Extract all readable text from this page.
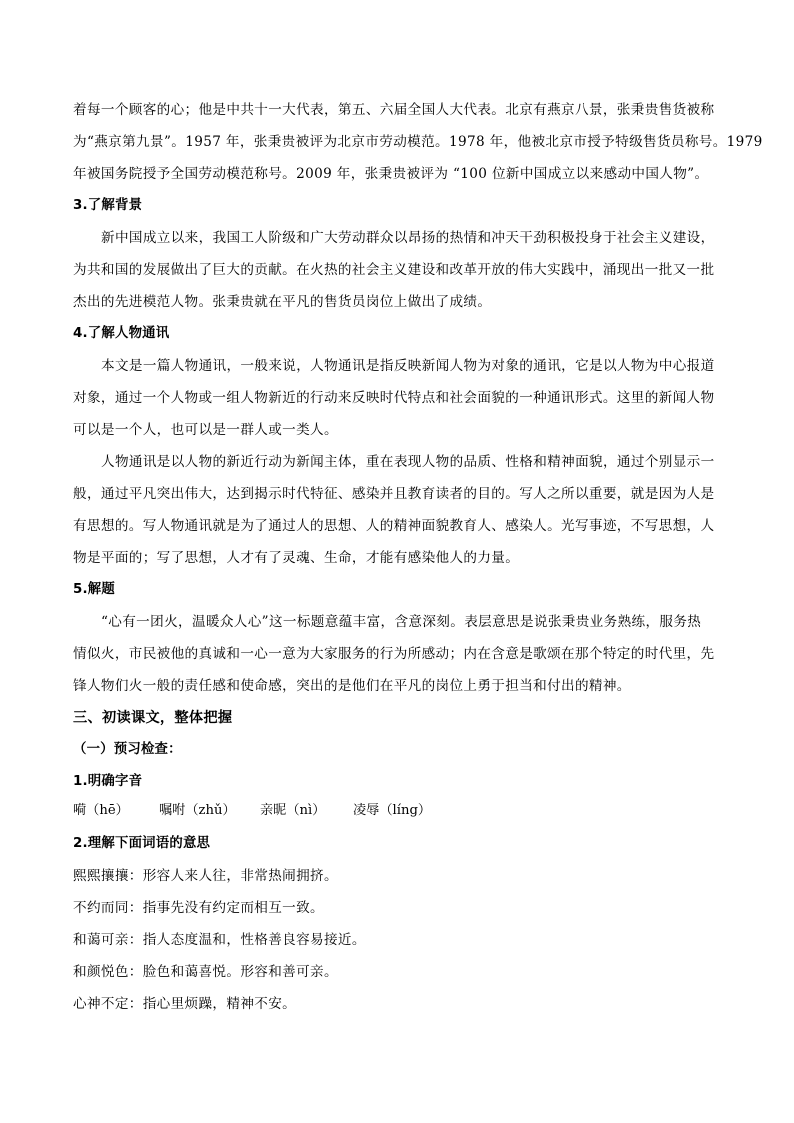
着每一个顾客的心；他是中共十一大代表，第五、六届全国人大代表。北京有燕京八景，张秉贵售货被称
为“燕京第九景”。1957 年，张秉贵被评为北京市劳动模范。1978 年，他被北京市授予特级售货员称号。1979
年被国务院授予全国劳动模范称号。2009 年，张秉贵被评为 “100 位新中国成立以来感动中国人物”。
3.了解背景
新中国成立以来，我国工人阶级和广大劳动群众以昂扬的热情和冲天干劲积极投身于社会主义建设，
为共和国的发展做出了巨大的贡献。在火热的社会主义建设和改革开放的伟大实践中，涌现出一批又一批
杰出的先进模范人物。张秉贵就在平凡的售货员岗位上做出了成绩。
4.了解人物通讯
本文是一篇人物通讯，一般来说，人物通讯是指反映新闻人物为对象的通讯，它是以人物为中心报道
对象，通过一个人物或一组人物新近的行动来反映时代特点和社会面貌的一种通讯形式。这里的新闻人物
可以是一个人，也可以是一群人或一类人。
人物通讯是以人物的新近行动为新闻主体，重在表现人物的品质、性格和精神面貌，通过个别显示一
般，通过平凡突出伟大，达到揭示时代特征、感染并且教育读者的目的。写人之所以重要，就是因为人是
有思想的。写人物通讯就是为了通过人的思想、人的精神面貌教育人、感染人。光写事迹，不写思想，人
物是平面的；写了思想，人才有了灵魂、生命，才能有感染他人的力量。
5.解题
“心有一团火，温暖众人心”这一标题意蕴丰富，含意深刻。表层意思是说张秉贵业务熟练，服务热
情似火，市民被他的真诚和一心一意为大家服务的行为所感动；内在含意是歌颂在那个特定的时代里，先
锋人物们火一般的责任感和使命感，突出的是他们在平凡的岗位上勇于担当和付出的精神。
三、初读课文，整体把握
（一）预习检查：
1.明确字音
嗬（hē） 嘱咐（zhǔ） 亲昵（nì） 凌辱（líng）
2.理解下面词语的意思
熙熙攘攘：形容人来人往，非常热闹拥挤。
不约而同：指事先没有约定而相互一致。
和蔼可亲：指人态度温和，性格善良容易接近。
和颜悦色：脸色和蔼喜悦。形容和善可亲。
心神不定：指心里烦躁，精神不安。
